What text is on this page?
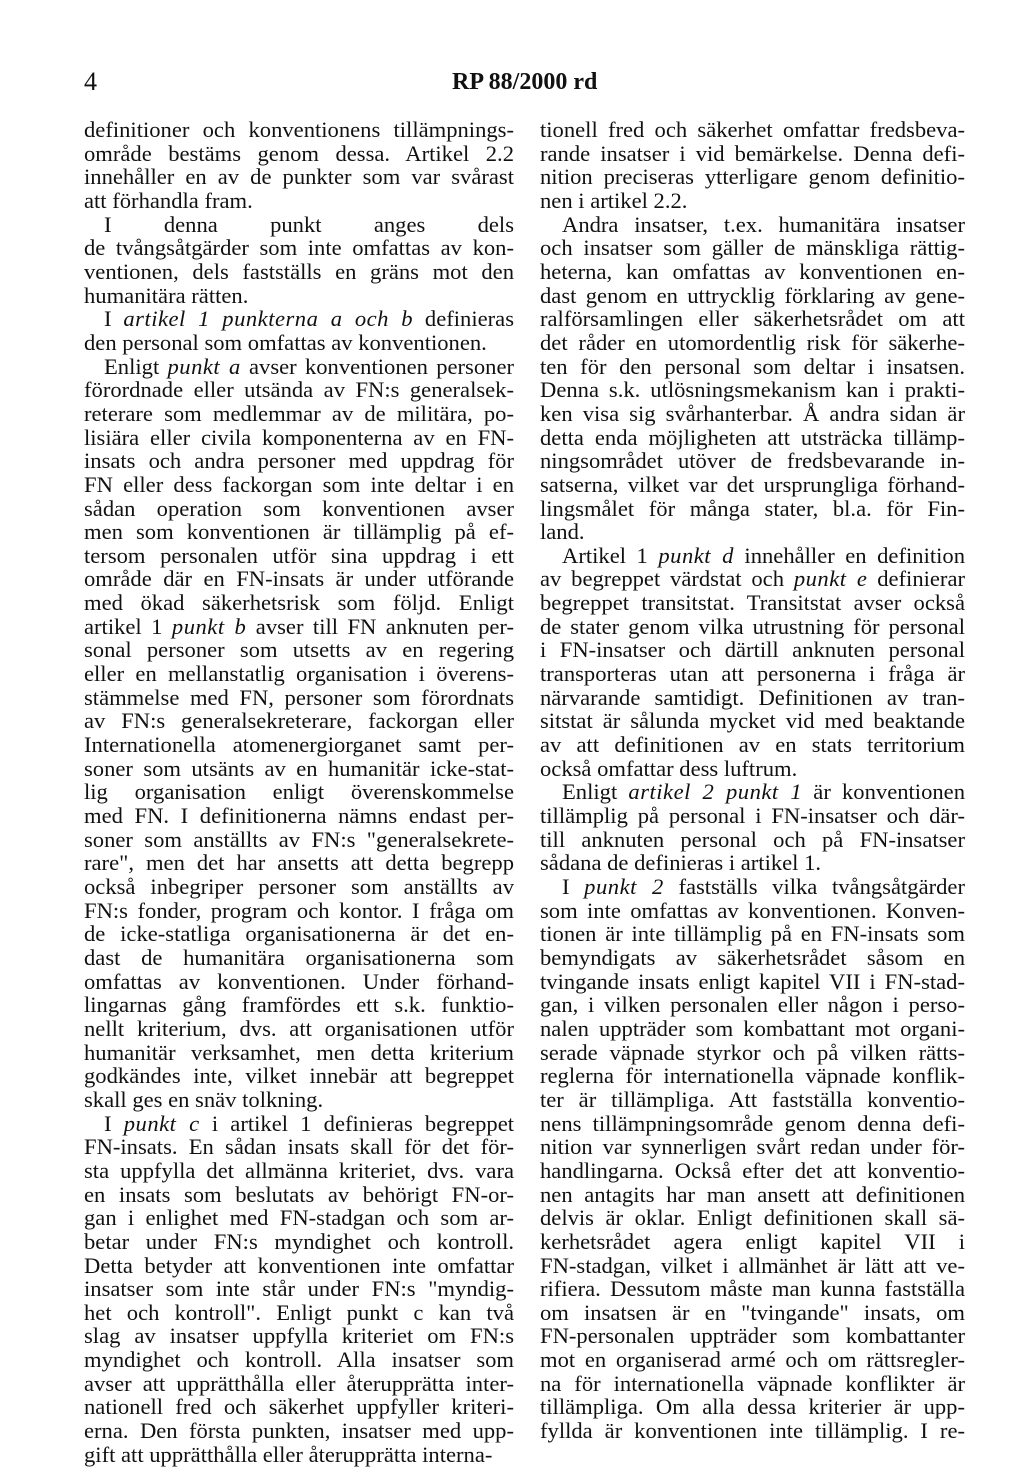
4	RP 88/2000 rd
definitioner och konventionens tillämpnings-
område bestäms genom dessa. Artikel 2.2
innehåller en av de punkter som var svårast
att förhandla fram.
I denna punkt anges dels
de tvångsåtgärder som inte omfattas av kon-
ventionen, dels fastställs en gräns mot den
humanitära rätten.
I artikel 1 punkterna a och b definieras
den personal som omfattas av konventionen.
Enligt punkt a avser konventionen personer
förordnade eller utsända av FN:s generalsek-
reterare som medlemmar av de militära, po-
lisiära eller civila komponenterna av en FN-
insats och andra personer med uppdrag för
FN eller dess fackorgan som inte deltar i en
sådan operation som konventionen avser
men som konventionen är tillämplig på ef-
tersom personalen utför sina uppdrag i ett
område där en FN-insats är under utförande
med ökad säkerhetsrisk som följd. Enligt
artikel 1 punkt b avser till FN anknuten per-
sonal personer som utsetts av en regering
eller en mellanstatlig organisation i överens-
stämmelse med FN, personer som förordnats
av FN:s generalsekreterare, fackorgan eller
Internationella atomenergiorganet samt per-
soner som utsänts av en humanitär icke-stat-
lig organisation enligt överenskommelse
med FN. I definitionerna nämns endast per-
soner som anställts av FN:s "generalsekrete-
rare", men det har ansetts att detta begrepp
också inbegriper personer som anställts av
FN:s fonder, program och kontor. I fråga om
de icke-statliga organisationerna är det en-
dast de humanitära organisationerna som
omfattas av konventionen. Under förhand-
lingarnas gång framfördes ett s.k. funktio-
nellt kriterium, dvs. att organisationen utför
humanitär verksamhet, men detta kriterium
godkändes inte, vilket innebär att begreppet
skall ges en snäv tolkning.
I punkt c i artikel 1 definieras begreppet
FN-insats. En sådan insats skall för det för-
sta uppfylla det allmänna kriteriet, dvs. vara
en insats som beslutats av behörigt FN-or-
gan i enlighet med FN-stadgan och som ar-
betar under FN:s myndighet och kontroll.
Detta betyder att konventionen inte omfattar
insatser som inte står under FN:s "myndig-
het och kontroll". Enligt punkt c kan två
slag av insatser uppfylla kriteriet om FN:s
myndighet och kontroll. Alla insatser som
avser att upprätthålla eller återupprätta inter-
nationell fred och säkerhet uppfyller kriteri-
erna. Den första punkten, insatser med upp-
gift att upprätthålla eller återupprätta interna-
tionell fred och säkerhet omfattar fredsbeva-
rande insatser i vid bemärkelse. Denna defi-
nition preciseras ytterligare genom definitio-
nen i artikel 2.2.
Andra insatser, t.ex. humanitära insatser
och insatser som gäller de mänskliga rättig-
heterna, kan omfattas av konventionen en-
dast genom en uttrycklig förklaring av gene-
ralförsamlingen eller säkerhetsrådet om att
det råder en utomordentlig risk för säkerhe-
ten för den personal som deltar i insatsen.
Denna s.k. utlösningsmekanism kan i prakti-
ken visa sig svårhanterbar. Å andra sidan är
detta enda möjligheten att utsträcka tillämp-
ningsområdet utöver de fredsbevarande in-
satserna, vilket var det ursprungliga förhand-
lingsmålet för många stater, bl.a. för Fin-
land.
Artikel 1 punkt d innehåller en definition
av begreppet värdstat och punkt e definierar
begreppet transitstat. Transitstat avser också
de stater genom vilka utrustning för personal
i FN-insatser och därtill anknuten personal
transporteras utan att personerna i fråga är
närvarande samtidigt. Definitionen av tran-
sitstat är sålunda mycket vid med beaktande
av att definitionen av en stats territorium
också omfattar dess luftrum.
Enligt artikel 2 punkt 1 är konventionen
tillämplig på personal i FN-insatser och där-
till anknuten personal och på FN-insatser
sådana de definieras i artikel 1.
I punkt 2 fastställs vilka tvångsåtgärder
som inte omfattas av konventionen. Konven-
tionen är inte tillämplig på en FN-insats som
bemyndigats av säkerhetsrådet såsom en
tvingande insats enligt kapitel VII i FN-stad-
gan, i vilken personalen eller någon i perso-
nalen uppträder som kombattant mot organi-
serade väpnade styrkor och på vilken rätts-
reglerna för internationella väpnade konflik-
ter är tillämpliga. Att fastställa konventio-
nens tillämpningsområde genom denna defi-
nition var synnerligen svårt redan under för-
handlingarna. Också efter det att konventio-
nen antagits har man ansett att definitionen
delvis är oklar. Enligt definitionen skall sä-
kerhetsrådet agera enligt kapitel VII i
FN-stadgan, vilket i allmänhet är lätt att ve-
rifiera. Dessutom måste man kunna fastställa
om insatsen är en "tvingande" insats, om
FN-personalen uppträder som kombattanter
mot en organiserad armé och om rättsregler-
na för internationella väpnade konflikter är
tillämpliga. Om alla dessa kriterier är upp-
fyllda är konventionen inte tillämplig. I re-
